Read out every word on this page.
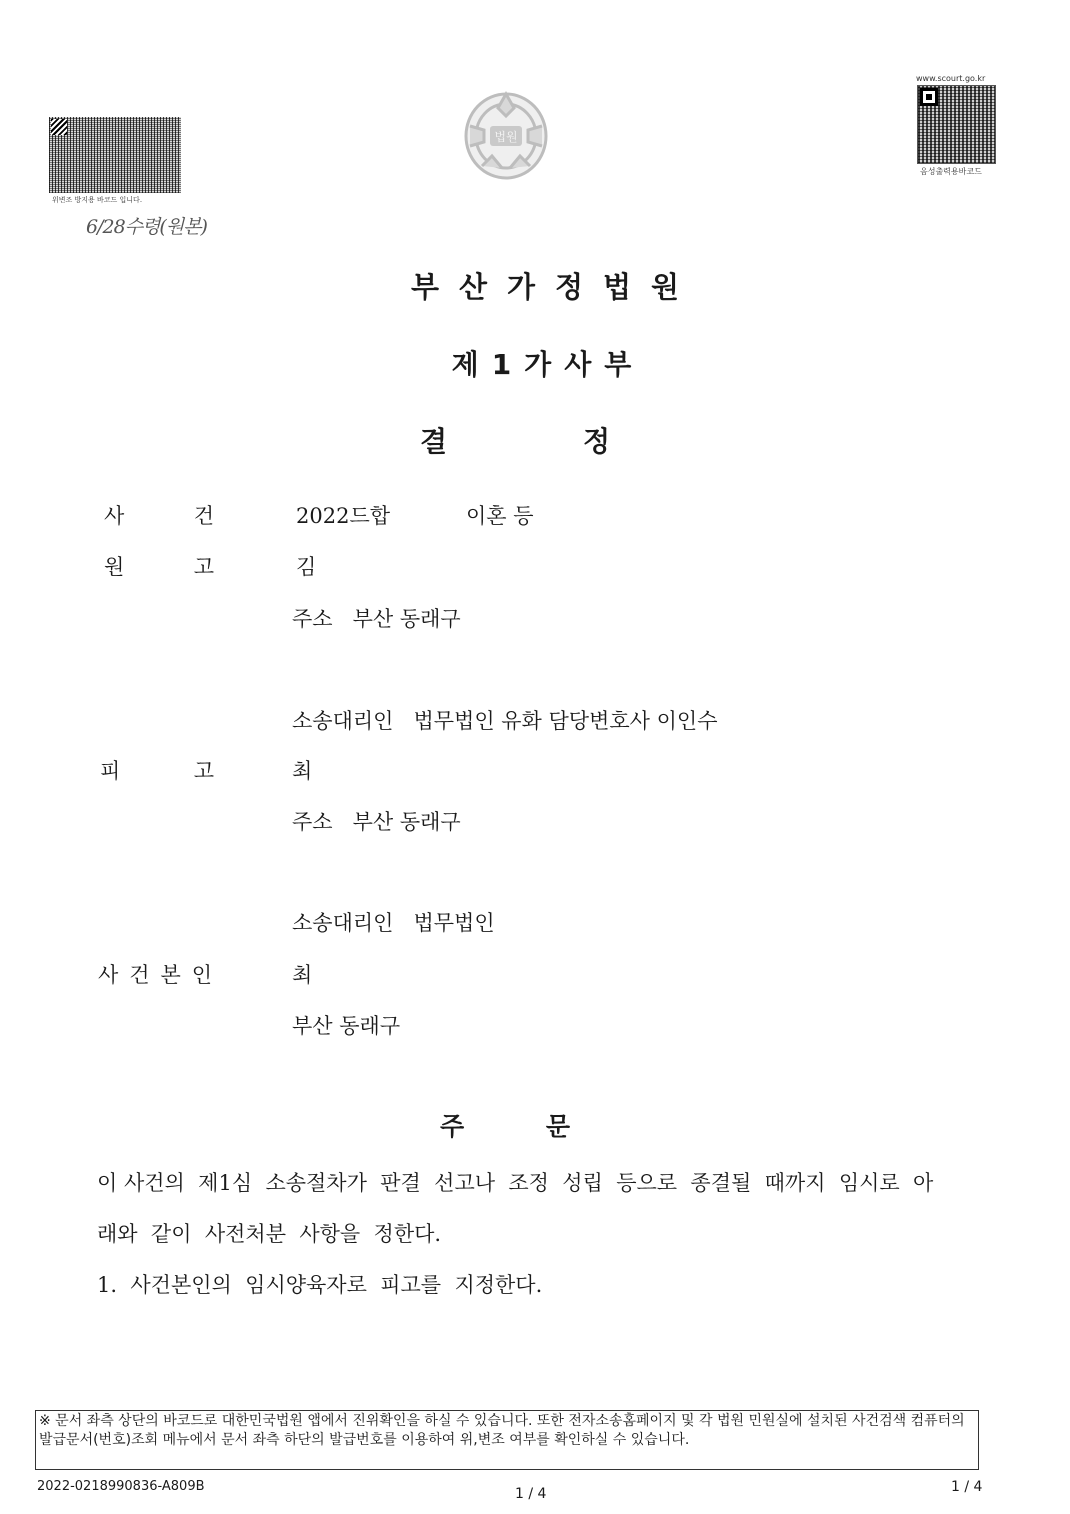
위변조 방지용 바코드 입니다.
6/28수령(원본)
법원
www.scourt.go.kr
음성출력용바코드
부산가정법원
제1가사부
결	정
사	건	2022드합	이혼 등
원	고	김
주소   부산 동래구
소송대리인   법무법인 유화 담당변호사 이인수
피	고	최
주소   부산 동래구
소송대리인   법무법인
사 건 본 인	최
부산 동래구
주	문
이 사건의  제1심  소송절차가  판결  선고나  조정  성립  등으로  종결될  때까지  임시로  아
래와  같이  사전처분  사항을  정한다.
1.  사건본인의  임시양육자로  피고를  지정한다.
※ 문서 좌측 상단의 바코드로 대한민국법원 앱에서 진위확인을 하실 수 있습니다. 또한 전자소송홈페이지 및 각 법원 민원실에 설치된 사건검색 컴퓨터의 발급문서(번호)조회 메뉴에서 문서 좌측 하단의 발급번호를 이용하여 위,변조 여부를 확인하실 수 있습니다.
2022-0218990836-A809B	1 / 4	1 / 4
